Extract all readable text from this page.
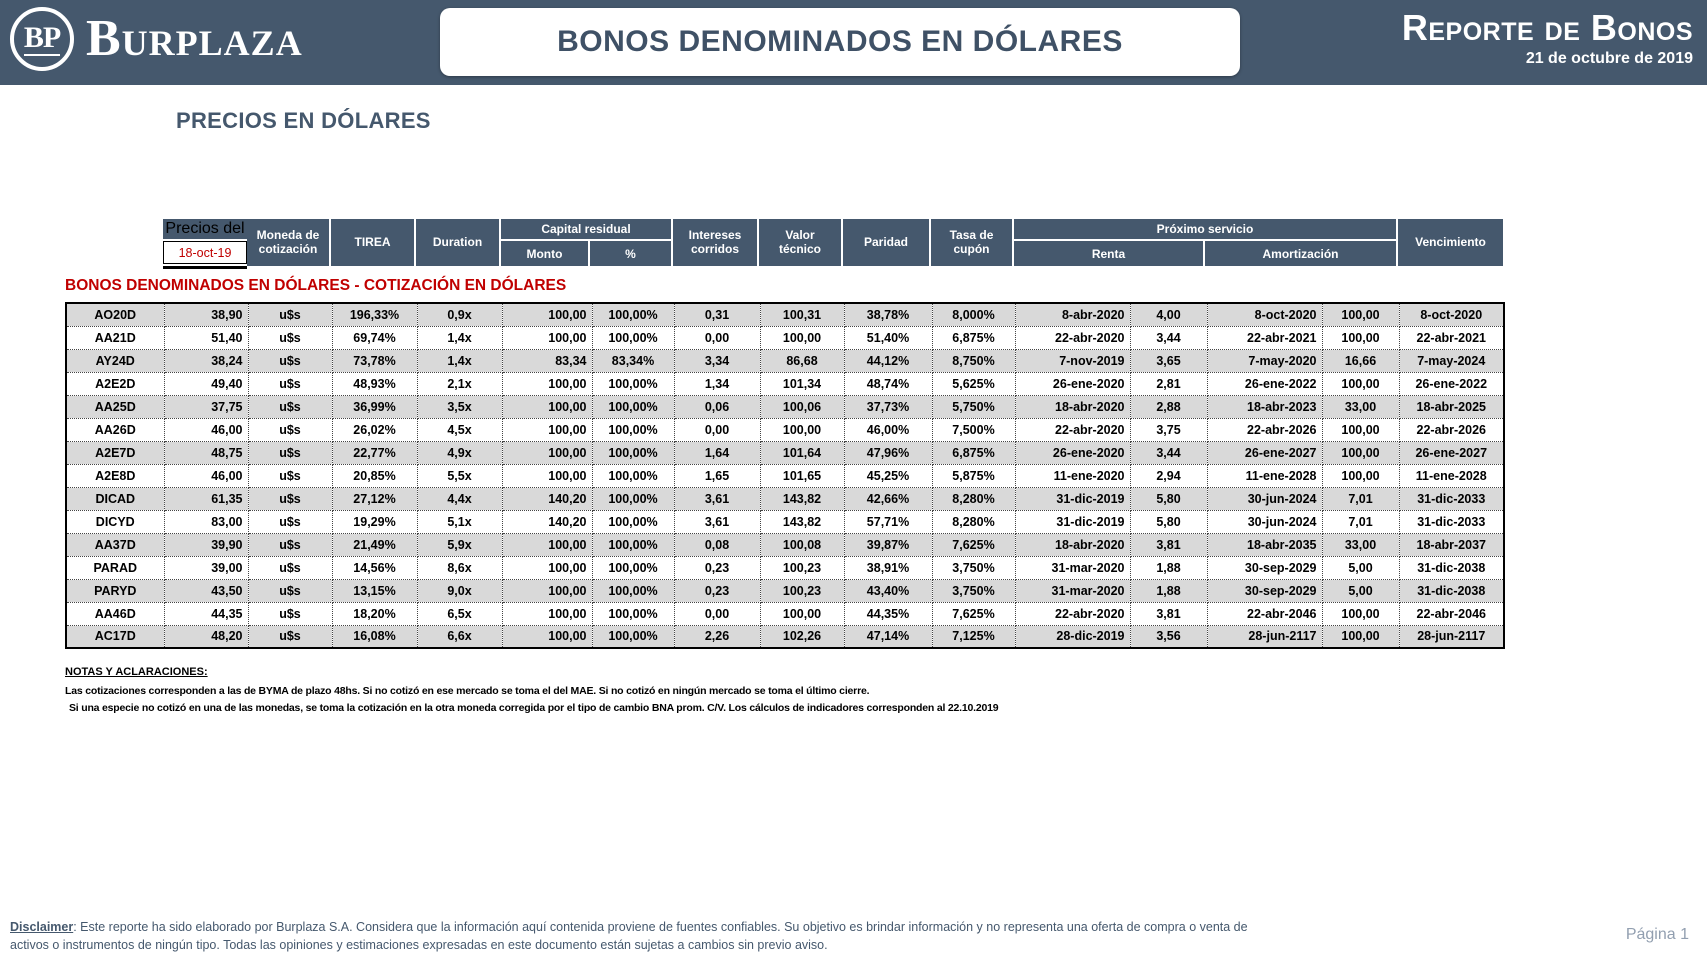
BP Burplaza	BONOS DENOMINADOS EN DÓLARES	Reporte de Bonos
21 de octubre de 2019
PRECIOS EN DÓLARES
Precios del
18-oct-19
Moneda de cotización	TIREA	Duration
Capital residual
Monto	%
Intereses corridos
Valor técnico	Paridad	Tasa de cupón
Próximo servicio
Renta	Amortización
Vencimiento
BONOS DENOMINADOS EN DÓLARES - COTIZACIÓN EN DÓLARES
AO20D	38,90	u$s	196,33%	0,9x	100,00	100,00%	0,31	100,31	38,78%	8,000%	8-abr-2020	4,00	8-oct-2020	100,00	8-oct-2020
AA21D	51,40	u$s	69,74%	1,4x	100,00	100,00%	0,00	100,00	51,40%	6,875%	22-abr-2020	3,44	22-abr-2021	100,00	22-abr-2021
AY24D	38,24	u$s	73,78%	1,4x	83,34	83,34%	3,34	86,68	44,12%	8,750%	7-nov-2019	3,65	7-may-2020	16,66	7-may-2024
A2E2D	49,40	u$s	48,93%	2,1x	100,00	100,00%	1,34	101,34	48,74%	5,625%	26-ene-2020	2,81	26-ene-2022	100,00	26-ene-2022
AA25D	37,75	u$s	36,99%	3,5x	100,00	100,00%	0,06	100,06	37,73%	5,750%	18-abr-2020	2,88	18-abr-2023	33,00	18-abr-2025
AA26D	46,00	u$s	26,02%	4,5x	100,00	100,00%	0,00	100,00	46,00%	7,500%	22-abr-2020	3,75	22-abr-2026	100,00	22-abr-2026
A2E7D	48,75	u$s	22,77%	4,9x	100,00	100,00%	1,64	101,64	47,96%	6,875%	26-ene-2020	3,44	26-ene-2027	100,00	26-ene-2027
A2E8D	46,00	u$s	20,85%	5,5x	100,00	100,00%	1,65	101,65	45,25%	5,875%	11-ene-2020	2,94	11-ene-2028	100,00	11-ene-2028
DICAD	61,35	u$s	27,12%	4,4x	140,20	100,00%	3,61	143,82	42,66%	8,280%	31-dic-2019	5,80	30-jun-2024	7,01	31-dic-2033
DICYD	83,00	u$s	19,29%	5,1x	140,20	100,00%	3,61	143,82	57,71%	8,280%	31-dic-2019	5,80	30-jun-2024	7,01	31-dic-2033
AA37D	39,90	u$s	21,49%	5,9x	100,00	100,00%	0,08	100,08	39,87%	7,625%	18-abr-2020	3,81	18-abr-2035	33,00	18-abr-2037
PARAD	39,00	u$s	14,56%	8,6x	100,00	100,00%	0,23	100,23	38,91%	3,750%	31-mar-2020	1,88	30-sep-2029	5,00	31-dic-2038
PARYD	43,50	u$s	13,15%	9,0x	100,00	100,00%	0,23	100,23	43,40%	3,750%	31-mar-2020	1,88	30-sep-2029	5,00	31-dic-2038
AA46D	44,35	u$s	18,20%	6,5x	100,00	100,00%	0,00	100,00	44,35%	7,625%	22-abr-2020	3,81	22-abr-2046	100,00	22-abr-2046
AC17D	48,20	u$s	16,08%	6,6x	100,00	100,00%	2,26	102,26	47,14%	7,125%	28-dic-2019	3,56	28-jun-2117	100,00	28-jun-2117
NOTAS Y ACLARACIONES:
Las cotizaciones corresponden a las de BYMA de plazo 48hs. Si no cotizó en ese mercado se toma el del MAE. Si no cotizó en ningún mercado se toma el último cierre.
Si una especie no cotizó en una de las monedas, se toma la cotización en la otra moneda corregida por el tipo de cambio BNA prom. C/V. Los cálculos de indicadores corresponden al 22.10.2019
Disclaimer: Este reporte ha sido elaborado por Burplaza S.A. Considera que la información aquí contenida proviene de fuentes confiables. Su objetivo es brindar información y no representa una oferta de compra o venta de activos o instrumentos de ningún tipo. Todas las opiniones y estimaciones expresadas en este documento están sujetas a cambios sin previo aviso.
Página 1
